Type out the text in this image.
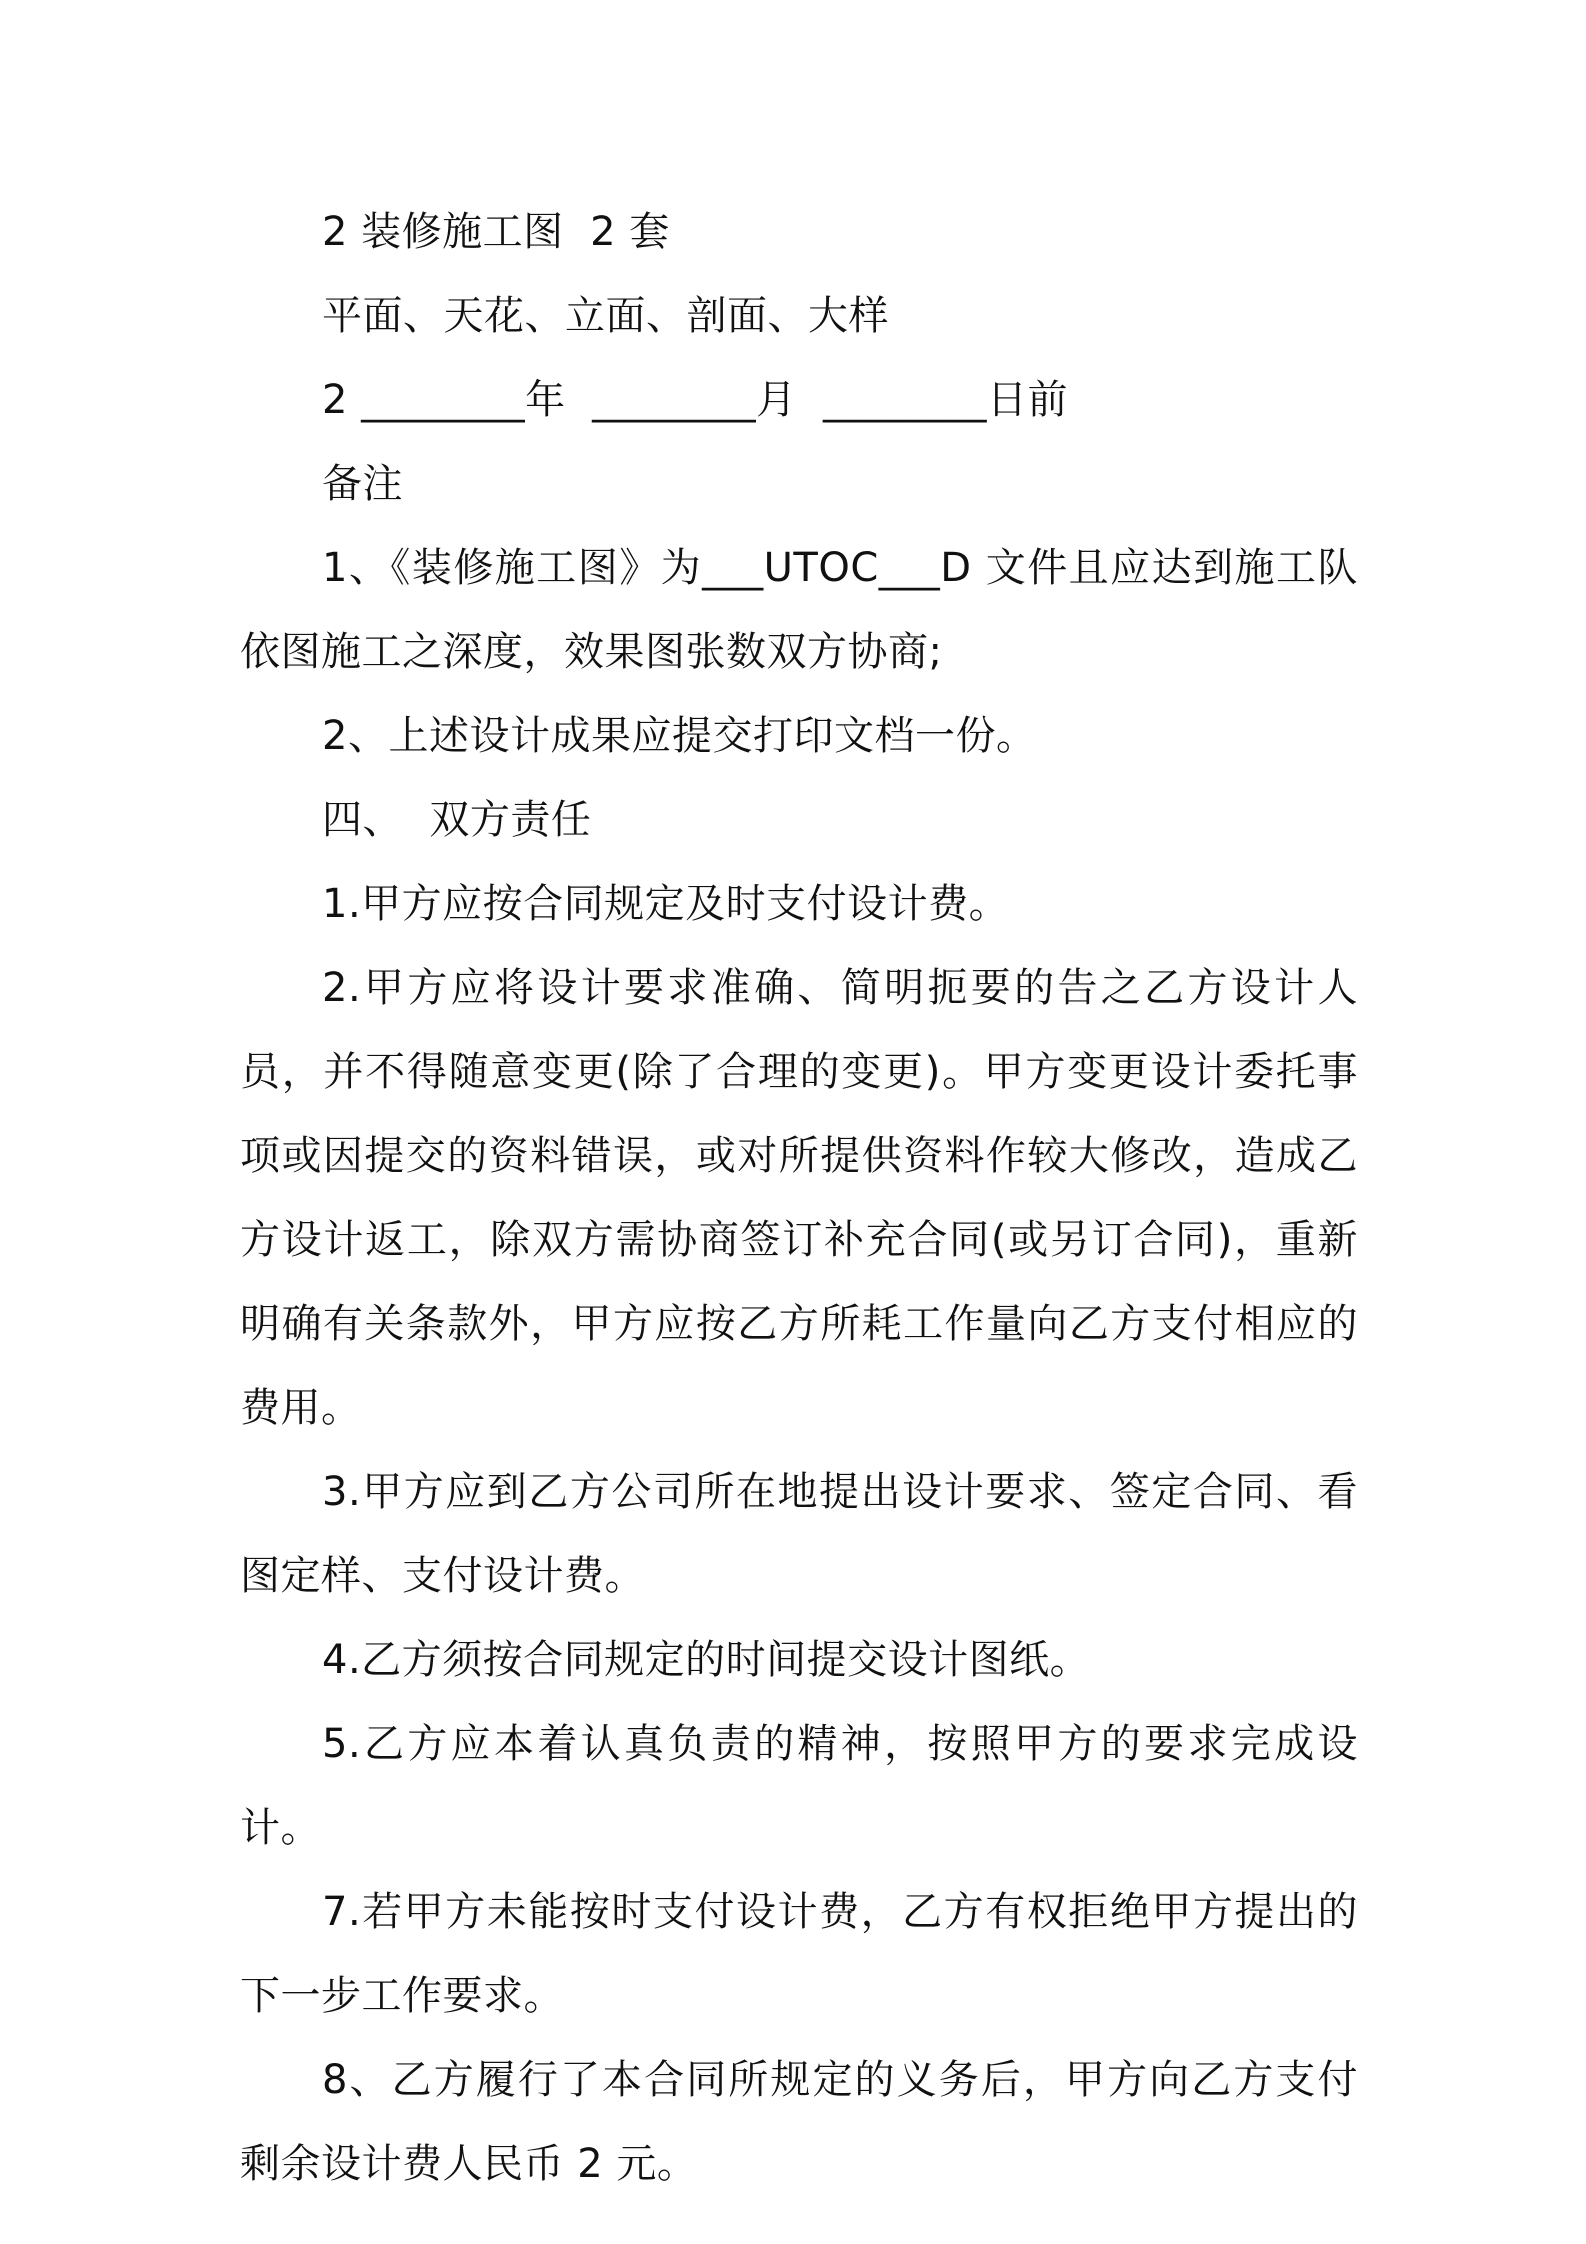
2 装修施工图  2 套

平面、天花、立面、剖面、大样

2 ________年  ________月  ________日前

备注

1、《装修施工图》为___UTOC___D 文件且应达到施工队依图施工之深度，效果图张数双方协商;

2、上述设计成果应提交打印文档一份。

四、  双方责任

1.甲方应按合同规定及时支付设计费。

2.甲方应将设计要求准确、简明扼要的告之乙方设计人员，并不得随意变更(除了合理的变更)。甲方变更设计委托事项或因提交的资料错误，或对所提供资料作较大修改，造成乙方设计返工，除双方需协商签订补充合同(或另订合同)，重新明确有关条款外，甲方应按乙方所耗工作量向乙方支付相应的费用。

3.甲方应到乙方公司所在地提出设计要求、签定合同、看图定样、支付设计费。

4.乙方须按合同规定的时间提交设计图纸。

5.乙方应本着认真负责的精神，按照甲方的要求完成设计。

7.若甲方未能按时支付设计费，乙方有权拒绝甲方提出的下一步工作要求。

8、乙方履行了本合同所规定的义务后，甲方向乙方支付剩余设计费人民币 2 元。
